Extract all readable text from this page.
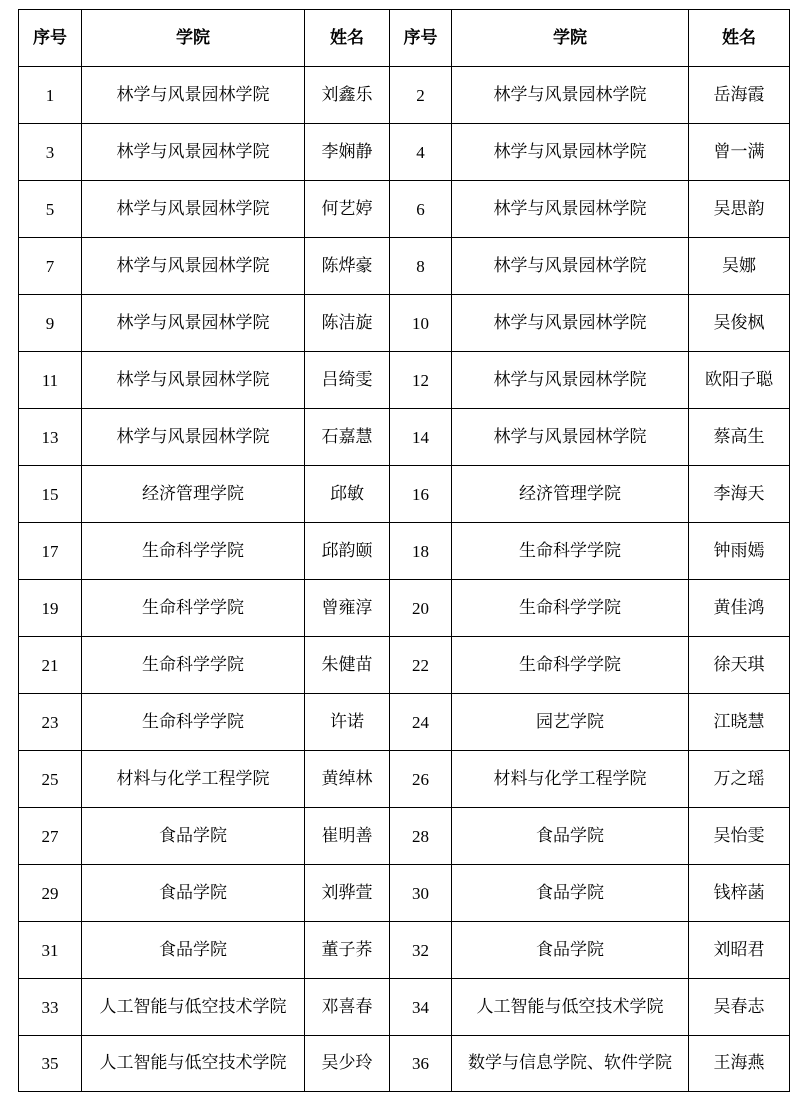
序号	学院	姓名	序号	学院	姓名
1	林学与风景园林学院	刘鑫乐	2	林学与风景园林学院	岳海霞
3	林学与风景园林学院	李娴静	4	林学与风景园林学院	曾一满
5	林学与风景园林学院	何艺婷	6	林学与风景园林学院	吴思韵
7	林学与风景园林学院	陈烨豪	8	林学与风景园林学院	吴娜
9	林学与风景园林学院	陈洁旋	10	林学与风景园林学院	吴俊枫
11	林学与风景园林学院	吕绮雯	12	林学与风景园林学院	欧阳子聪
13	林学与风景园林学院	石嘉慧	14	林学与风景园林学院	蔡高生
15	经济管理学院	邱敏	16	经济管理学院	李海天
17	生命科学学院	邱韵颐	18	生命科学学院	钟雨嫣
19	生命科学学院	曾雍淳	20	生命科学学院	黄佳鸿
21	生命科学学院	朱健苗	22	生命科学学院	徐天琪
23	生命科学学院	许诺	24	园艺学院	江晓慧
25	材料与化学工程学院	黄绰林	26	材料与化学工程学院	万之瑶
27	食品学院	崔明善	28	食品学院	吴怡雯
29	食品学院	刘骅萱	30	食品学院	钱梓菡
31	食品学院	董子荞	32	食品学院	刘昭君
33	人工智能与低空技术学院	邓喜春	34	人工智能与低空技术学院	吴春志
35	人工智能与低空技术学院	吴少玲	36	数学与信息学院、软件学院	王海燕
